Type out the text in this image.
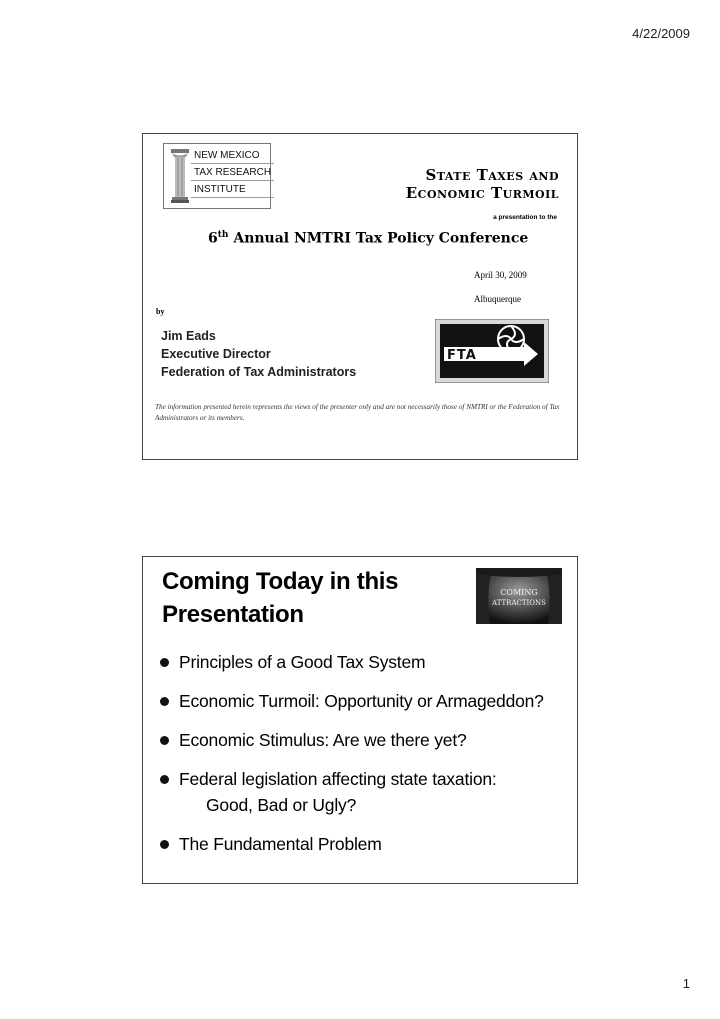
4/22/2009
NEW MEXICO
TAX RESEARCH
INSTITUTE
State Taxes and
Economic Turmoil
a presentation to the
6th Annual NMTRI Tax Policy Conference
April 30, 2009
Albuquerque
by
Jim Eads
Executive Director
Federation of Tax Administrators
FTA
The information presented herein represents the views of the presenter only and are not necessarily those of NMTRI or the Federation of Tax Administrators or its members.
Coming Today in this
Presentation
COMING
ATTRACTIONS
Principles of a Good Tax System
Economic Turmoil: Opportunity or Armageddon?
Economic Stimulus: Are we there yet?
Federal legislation affecting state taxation:
Good, Bad or Ugly?
The Fundamental Problem
1
